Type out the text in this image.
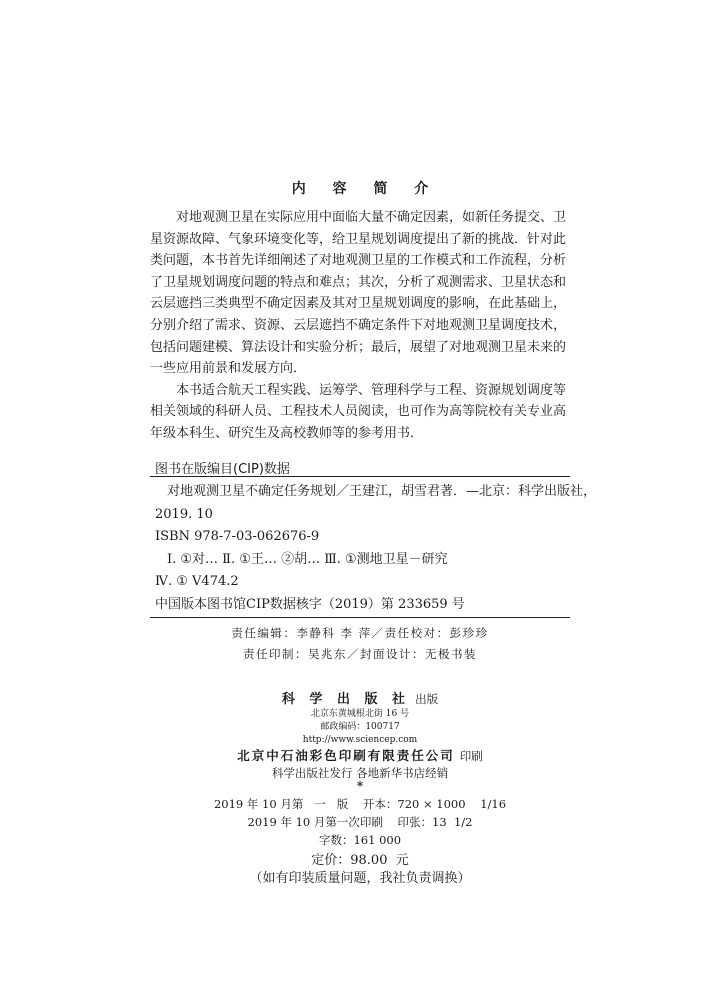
内 容 简 介
对地观测卫星在实际应用中面临大量不确定因素，如新任务提交、卫
星资源故障、气象环境变化等，给卫星规划调度提出了新的挑战．针对此
类问题，本书首先详细阐述了对地观测卫星的工作模式和工作流程，分析
了卫星规划调度问题的特点和难点；其次，分析了观测需求、卫星状态和
云层遮挡三类典型不确定因素及其对卫星规划调度的影响，在此基础上，
分别介绍了需求、资源、云层遮挡不确定条件下对地观测卫星调度技术，
包括问题建模、算法设计和实验分析；最后，展望了对地观测卫星未来的
一些应用前景和发展方向．
本书适合航天工程实践、运筹学、管理科学与工程、资源规划调度等
相关领域的科研人员、工程技术人员阅读，也可作为高等院校有关专业高
年级本科生、研究生及高校教师等的参考用书．
图书在版编目(CIP)数据
对地观测卫星不确定任务规划／王建江，胡雪君著．—北京：科学出版社，
2019. 10
ISBN 978-7-03-062676-9
Ⅰ. ①对… Ⅱ. ①王… ②胡… Ⅲ. ①测地卫星－研究
Ⅳ. ① V474.2
中国版本图书馆CIP数据核字（2019）第 233659 号
责任编辑：李静科 李 萍／责任校对：彭珍珍
责任印制：吴兆东／封面设计：无极书装
科 学 出 版 社 出版
北京东黄城根北街 16 号
邮政编码：100717
http://www.sciencep.com
北京中石油彩色印刷有限责任公司 印刷
科学出版社发行 各地新华书店经销
*
2019 年 10 月第   一   版    开本：720 × 1000    1/16
2019 年 10 月第一次印刷    印张：13  1/2
字数：161 000
定价：98.00  元
（如有印装质量问题，我社负责调换）
